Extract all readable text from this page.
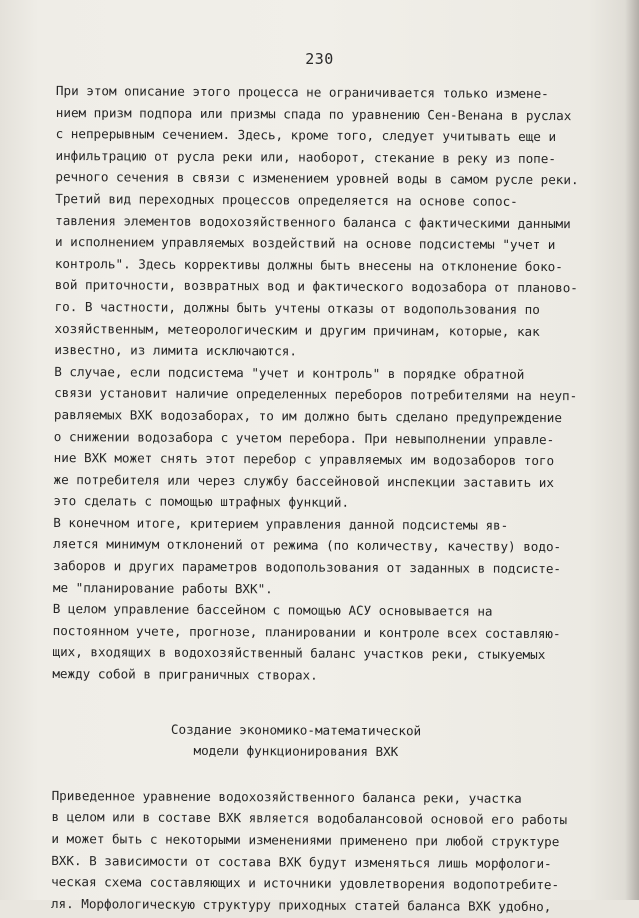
230

При этом описание этого процесса не ограничивается только измене-
нием призм подпора или призмы спада по уравнению Сен-Венана в руслах
с непрерывным сечением. Здесь, кроме того, следует учитывать еще и
инфильтрацию от русла реки или, наоборот, стекание в реку из попе-
речного сечения в связи с изменением уровней воды в самом русле реки.

Третий вид переходных процессов определяется на основе сопос-
тавления элементов водохозяйственного баланса с фактическими данными
и исполнением управляемых воздействий на основе подсистемы "учет и
контроль". Здесь коррективы должны быть внесены на отклонение боко-
вой приточности, возвратных вод и фактического водозабора от планово-
го. В частности, должны быть учтены отказы от водопользования по
хозяйственным, метеорологическим и другим причинам, которые, как
известно, из лимита исключаются.

В случае, если подсистема "учет и контроль" в порядке обратной
связи установит наличие определенных переборов потребителями на неуп-
равляемых ВХК водозаборах, то им должно быть сделано предупреждение
о снижении водозабора с учетом перебора. При невыполнении управле-
ние ВХК может снять этот перебор с управляемых им водозаборов того
же потребителя или через службу бассейновой инспекции заставить их
это сделать с помощью штрафных функций.

В конечном итоге, критерием управления данной подсистемы яв-
ляется минимум отклонений от режима (по количеству, качеству) водо-
заборов и других параметров водопользования от заданных в подсисте-
ме "планирование работы ВХК".

В целом управление бассейном с помощью АСУ основывается на
постоянном учете, прогнозе, планировании и контроле всех составляю-
щих, входящих в водохозяйственный баланс участков реки, стыкуемых
между собой в приграничных створах.

Создание экономико-математической
модели функционирования ВХК

Приведенное уравнение водохозяйственного баланса реки, участка
в целом или в составе ВХК является водобалансовой основой его работы
и может быть с некоторыми изменениями применено при любой структуре
ВХК. В зависимости от состава ВХК будут изменяться лишь морфологи-
ческая схема составляющих и источники удовлетворения водопотребите-
ля. Морфологическую структуру приходных статей баланса ВХК удобно,
